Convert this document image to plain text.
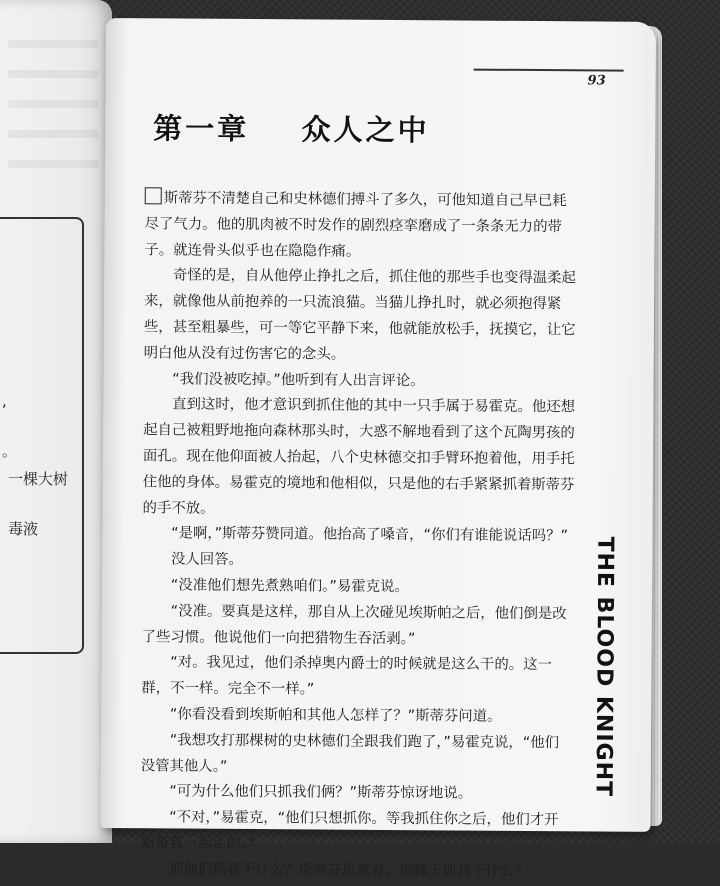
,
。
一棵大树
毒液
93
第一章    众人之中

斯蒂芬不清楚自己和史林德们搏斗了多久，可他知道自己早已耗尽了气力。他的肌肉被不时发作的剧烈痉挛磨成了一条条无力的带子。就连骨头似乎也在隐隐作痛。

奇怪的是，自从他停止挣扎之后，抓住他的那些手也变得温柔起来，就像他从前抱养的一只流浪猫。当猫儿挣扎时，就必须抱得紧些，甚至粗暴些，可一等它平静下来，他就能放松手，抚摸它，让它明白他从没有过伤害它的念头。

“我们没被吃掉。”他听到有人出言评论。

直到这时，他才意识到抓住他的其中一只手属于易霍克。他还想起自己被粗野地拖向森林那头时，大惑不解地看到了这个瓦陶男孩的面孔。现在他仰面被人抬起，八个史林德交扣手臂环抱着他，用手托住他的身体。易霍克的境地和他相似，只是他的右手紧紧抓着斯蒂芬的手不放。

“是啊，”斯蒂芬赞同道。他抬高了嗓音，“你们有谁能说话吗？”

没人回答。

“没准他们想先煮熟咱们。”易霍克说。

“没准。要真是这样，那自从上次碰见埃斯帕之后，他们倒是改了些习惯。他说他们一向把猎物生吞活剥。”

“对。我见过，他们杀掉奥内爵士的时候就是这么干的。这一群，不一样。完全不一样。”

“你看没看到埃斯帕和其他人怎样了？”斯蒂芬问道。

“我想攻打那棵树的史林德们全跟我们跑了，”易霍克说，“他们没管其他人。”

“可为什么他们只抓我们俩？”斯蒂芬惊讶地说。

“不对，”易霍克，“他们只想抓你。等我抓住你之后，他们才开始带我一起走的。”

那他们抓我干什么？斯蒂芬思索着。荆棘王抓我干什么？

THE BLOOD KNIGHT
